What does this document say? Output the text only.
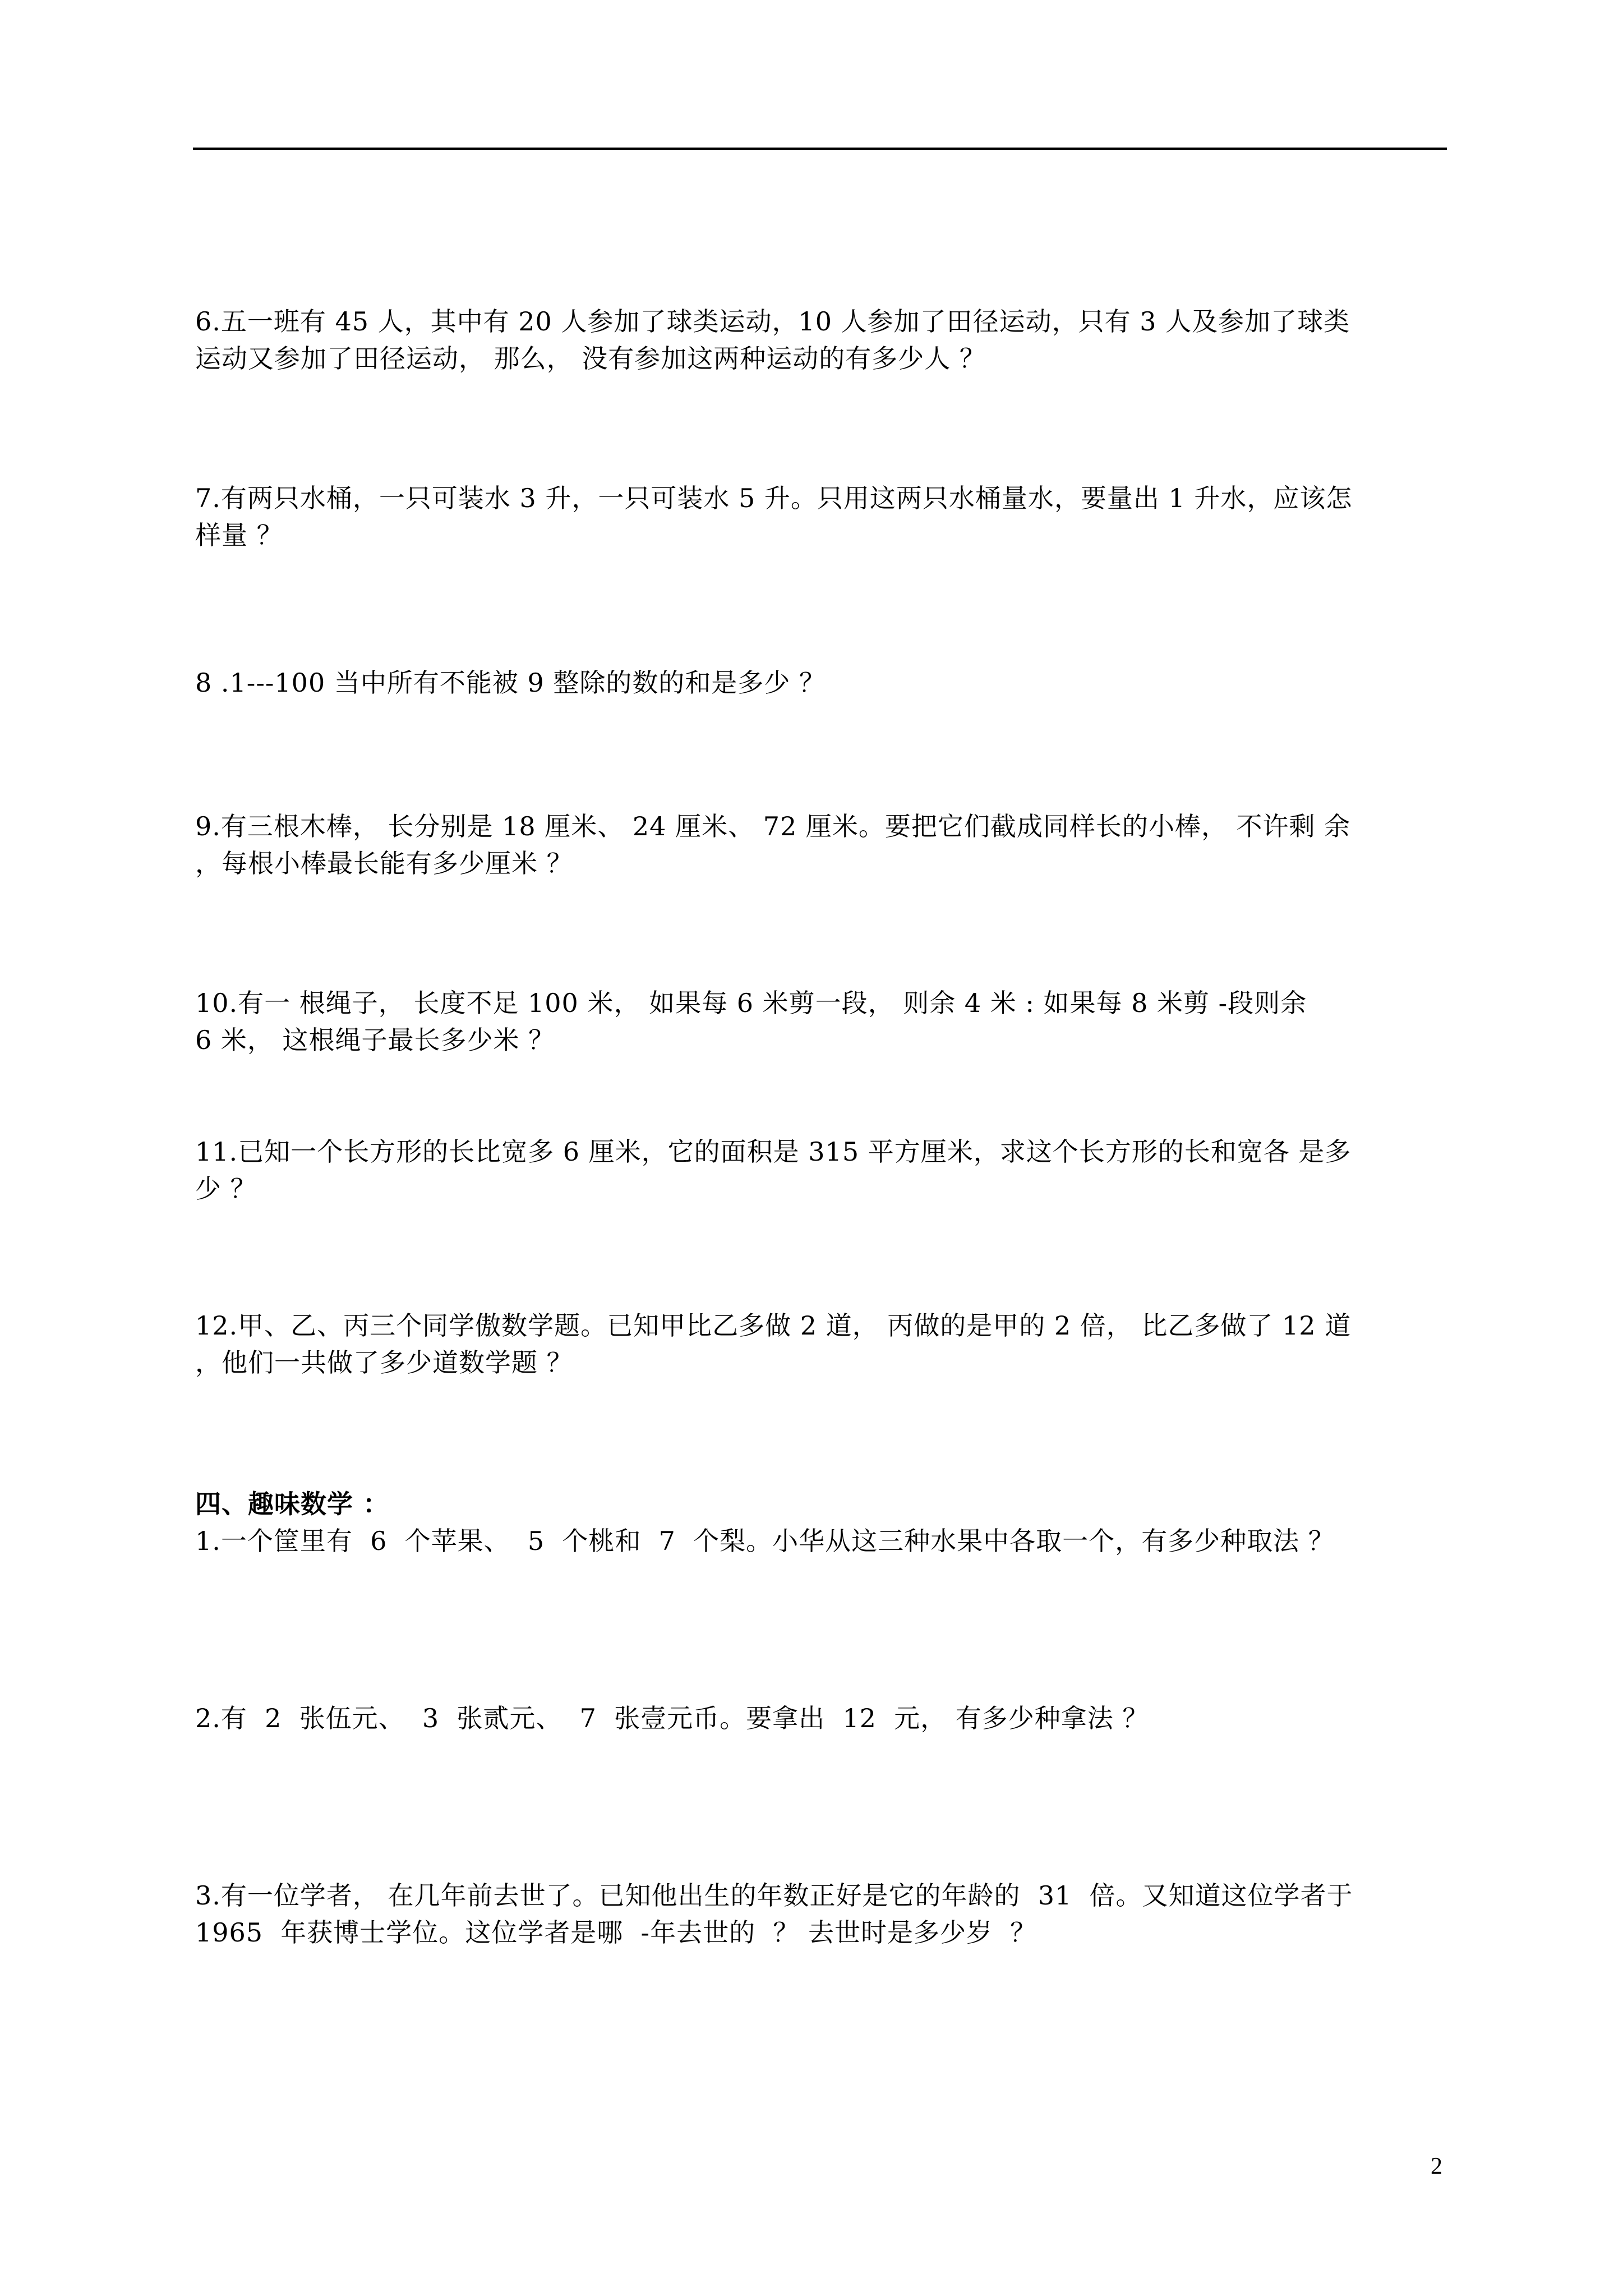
6.五一班有 45 人，其中有 20 人参加了球类运动，10 人参加了田径运动，只有 3 人及参加了球类
运动又参加了田径运动， 那么， 没有参加这两种运动的有多少人 ？
7.有两只水桶，一只可装水 3 升，一只可装水 5 升。只用这两只水桶量水，要量出 1 升水，应该怎
样量 ？
8 .1---100 当中所有不能被 9 整除的数的和是多少 ？
9.有三根木棒， 长分别是 18 厘米、 24 厘米、 72 厘米。要把它们截成同样长的小棒， 不许剩 余
，每根小棒最长能有多少厘米 ？
10.有一 根绳子， 长度不足 100 米， 如果每 6 米剪一段， 则余 4 米 : 如果每 8 米剪 -段则余
6 米， 这根绳子最长多少米 ？
11.已知一个长方形的长比宽多 6 厘米，它的面积是 315 平方厘米，求这个长方形的长和宽各 是多
少 ？
12.甲、乙、丙三个同学傲数学题。已知甲比乙多做 2 道， 丙做的是甲的 2 倍， 比乙多做了 12 道
，他们一共做了多少道数学题 ？
四、趣味数学 ：
1.一个筐里有  6  个苹果、  5  个桃和  7  个梨。小华从这三种水果中各取一个，有多少种取法 ？
2.有  2  张伍元、  3  张贰元、  7  张壹元币。要拿出  12  元， 有多少种拿法 ？
3.有一位学者， 在几年前去世了。已知他出生的年数正好是它的年龄的  31  倍。又知道这位学者于
1965  年获博士学位。这位学者是哪  -年去世的  ？ 去世时是多少岁  ？
2
